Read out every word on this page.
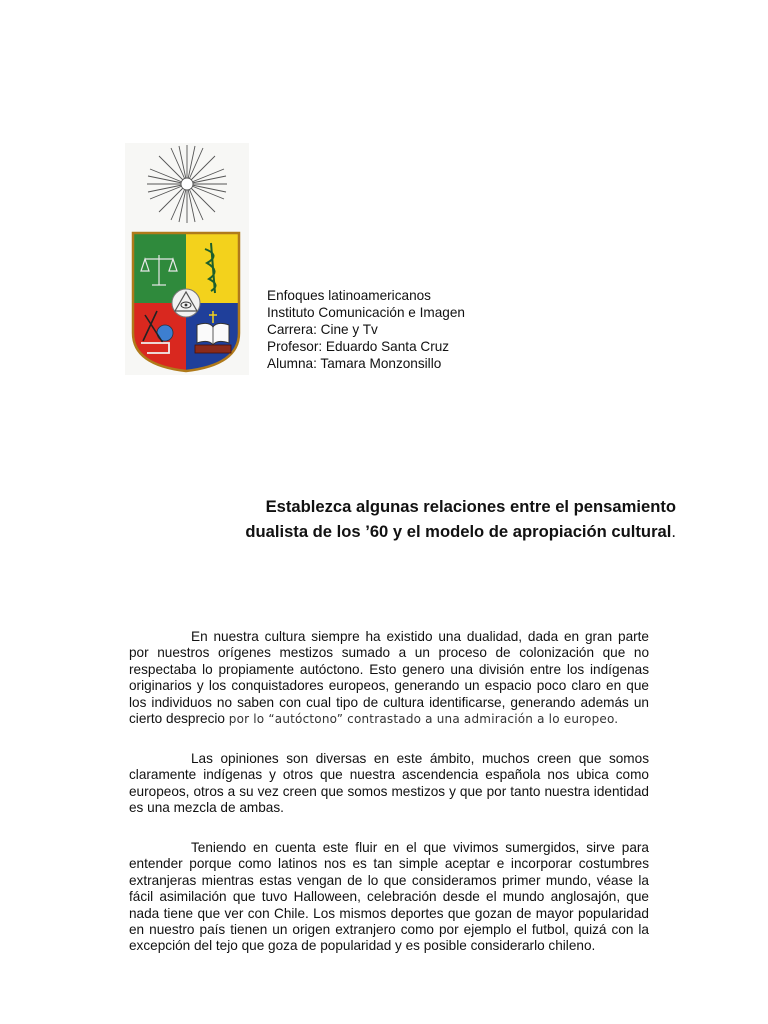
Enfoques latinoamericanos
Instituto Comunicación e Imagen
Carrera: Cine y Tv
Profesor: Eduardo Santa Cruz
Alumna: Tamara Monzonsillo
Establezca algunas relaciones entre el pensamiento
dualista de los ’60 y el modelo de apropiación cultural.

En nuestra cultura siempre ha existido una dualidad, dada en gran parte por nuestros orígenes mestizos sumado a un proceso de colonización que no respectaba lo propiamente autóctono. Esto genero una división entre los indígenas originarios y los conquistadores europeos, generando un espacio poco claro en que los individuos no saben con cual tipo de cultura identificarse, generando además un cierto desprecio por lo “autóctono” contrastado a una admiración a lo europeo.

Las opiniones son diversas en este ámbito, muchos creen que somos claramente indígenas y otros que nuestra ascendencia española nos ubica como europeos, otros a su vez creen que somos mestizos y que por tanto nuestra identidad es una mezcla de ambas.

Teniendo en cuenta este fluir en el que vivimos sumergidos, sirve para entender porque como latinos nos es tan simple aceptar e incorporar costumbres extranjeras mientras estas vengan de lo que consideramos primer mundo, véase la fácil asimilación que tuvo Halloween, celebración desde el mundo anglosajón, que nada tiene que ver con Chile. Los mismos deportes que gozan de mayor popularidad en nuestro país tienen un origen extranjero como por ejemplo el futbol, quizá con la excepción del tejo que goza de popularidad y es posible considerarlo chileno.
